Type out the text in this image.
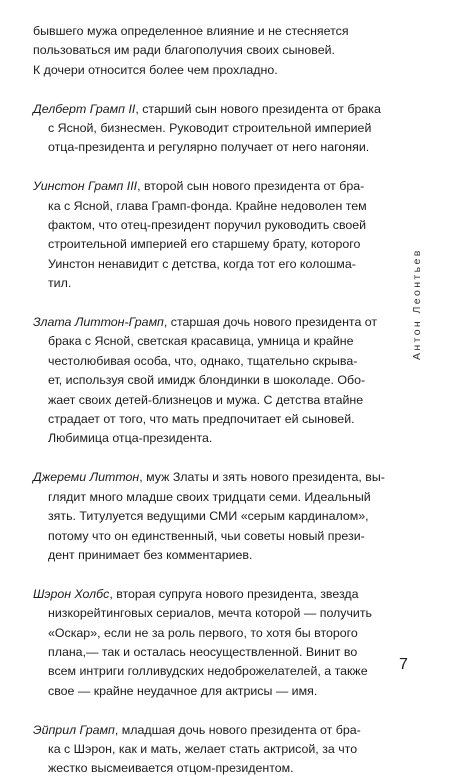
бывшего мужа определенное влияние и не стесняется
пользоваться им ради благополучия своих сыновей.
К дочери относится более чем прохладно.
Делберт Грамп II, старший сын нового президента от брака
с Ясной, бизнесмен. Руководит строительной империей
отца-президента и регулярно получает от него нагоняи.
Уинстон Грамп III, второй сын нового президента от бра-
ка с Ясной, глава Грамп-фонда. Крайне недоволен тем
фактом, что отец-президент поручил руководить своей
строительной империей его старшему брату, которого
Уинстон ненавидит с детства, когда тот его колошма-
тил.
Злата Литтон-Грамп, старшая дочь нового президента от
брака с Ясной, светская красавица, умница и крайне
честолюбивая особа, что, однако, тщательно скрыва-
ет, используя свой имидж блондинки в шоколаде. Обо-
жает своих детей-близнецов и мужа. С детства втайне
страдает от того, что мать предпочитает ей сыновей.
Любимица отца-президента.
Джереми Литтон, муж Златы и зять нового президента, вы-
глядит много младше своих тридцати семи. Идеальный
зять. Титулуется ведущими СМИ «серым кардиналом»,
потому что он единственный, чьи советы новый прези-
дент принимает без комментариев.
Шэрон Холбс, вторая супруга нового президента, звезда
низкорейтинговых сериалов, мечта которой — получить
«Оскар», если не за роль первого, то хотя бы второго
плана,— так и осталась неосуществленной. Винит во
всем интриги голливудских недоброжелателей, а также
свое — крайне неудачное для актрисы — имя.
Эйприл Грамп, младшая дочь нового президента от бра-
ка с Шэрон, как и мать, желает стать актрисой, за что
жестко высмеивается отцом-президентом.
Антон Леонтьев
7
